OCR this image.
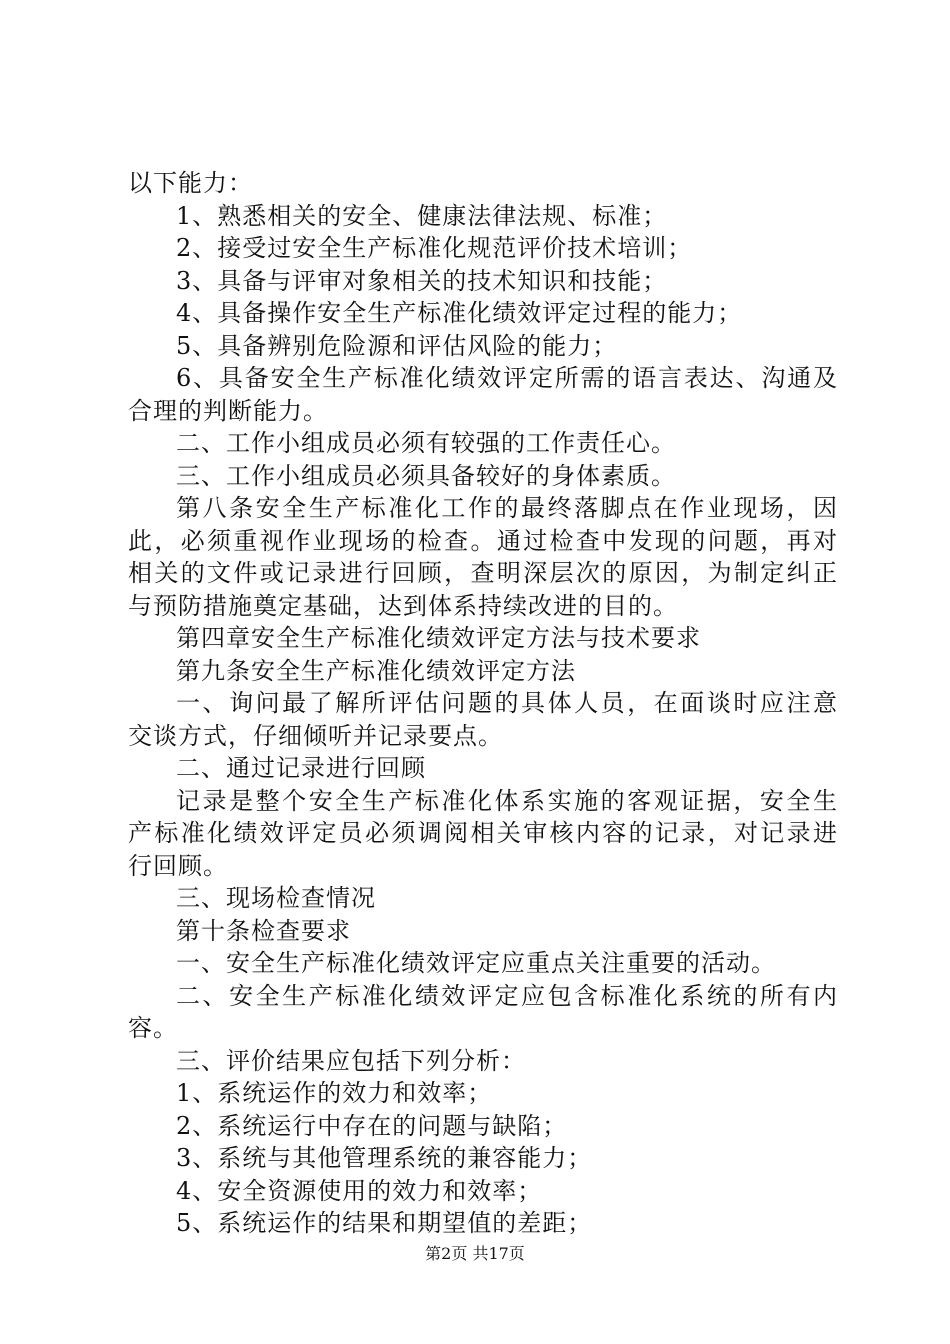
以下能力：
1、熟悉相关的安全、健康法律法规、标准；
2、接受过安全生产标准化规范评价技术培训；
3、具备与评审对象相关的技术知识和技能；
4、具备操作安全生产标准化绩效评定过程的能力；
5、具备辨别危险源和评估风险的能力；
6、具备安全生产标准化绩效评定所需的语言表达、沟通及
合理的判断能力。
二、工作小组成员必须有较强的工作责任心。
三、工作小组成员必须具备较好的身体素质。
第八条安全生产标准化工作的最终落脚点在作业现场，因
此，必须重视作业现场的检查。通过检查中发现的问题，再对
相关的文件或记录进行回顾，查明深层次的原因，为制定纠正
与预防措施奠定基础，达到体系持续改进的目的。
第四章安全生产标准化绩效评定方法与技术要求
第九条安全生产标准化绩效评定方法
一、询问最了解所评估问题的具体人员，在面谈时应注意
交谈方式，仔细倾听并记录要点。
二、通过记录进行回顾
记录是整个安全生产标准化体系实施的客观证据，安全生
产标准化绩效评定员必须调阅相关审核内容的记录，对记录进
行回顾。
三、现场检查情况
第十条检查要求
一、安全生产标准化绩效评定应重点关注重要的活动。
二、安全生产标准化绩效评定应包含标准化系统的所有内
容。
三、评价结果应包括下列分析：
1、系统运作的效力和效率；
2、系统运行中存在的问题与缺陷；
3、系统与其他管理系统的兼容能力；
4、安全资源使用的效力和效率；
5、系统运作的结果和期望值的差距；
第2页 共17页
